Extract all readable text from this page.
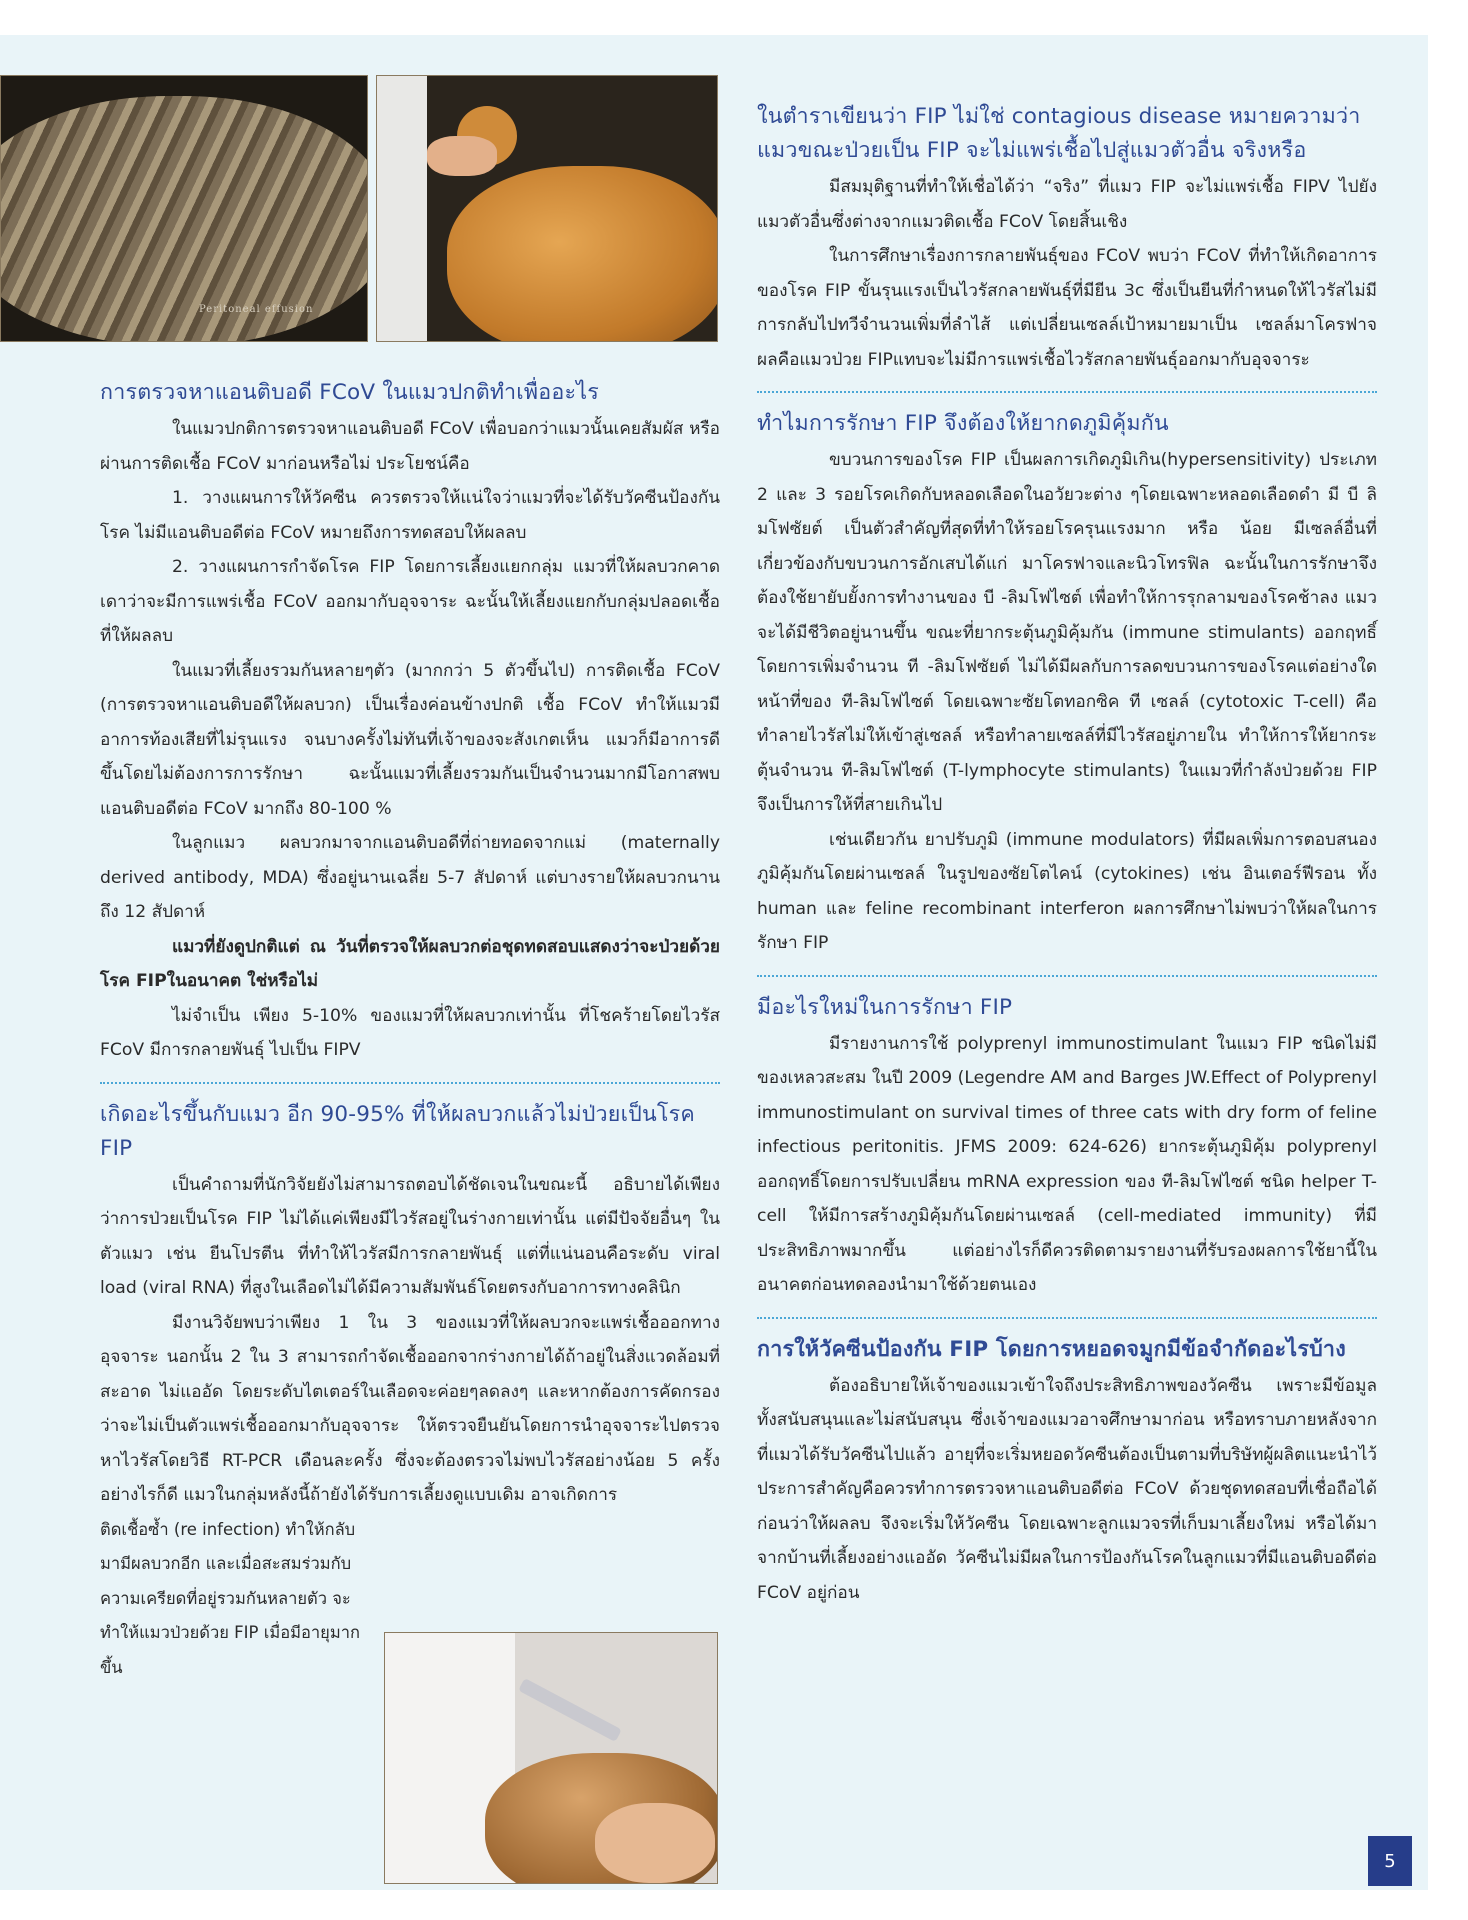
Peritoneal effusion
การตรวจหาแอนติบอดี FCoV ในแมวปกติทำเพื่ออะไร

ในแมวปกติการตรวจหาแอนติบอดี FCoV เพื่อบอกว่าแมวนั้นเคยสัมผัส หรือผ่านการติดเชื้อ FCoV มาก่อนหรือไม่ ประโยชน์คือ

1. วางแผนการให้วัคซีน ควรตรวจให้แน่ใจว่าแมวที่จะได้รับวัคซีนป้องกันโรค ไม่มีแอนติบอดีต่อ FCoV หมายถึงการทดสอบให้ผลลบ

2. วางแผนการกำจัดโรค FIP โดยการเลี้ยงแยกกลุ่ม แมวที่ให้ผลบวกคาดเดาว่าจะมีการแพร่เชื้อ FCoV ออกมากับอุจจาระ ฉะนั้นให้เลี้ยงแยกกับกลุ่มปลอดเชื้อที่ให้ผลลบ

ในแมวที่เลี้ยงรวมกันหลายๆตัว (มากกว่า 5 ตัวขึ้นไป) การติดเชื้อ FCoV (การตรวจหาแอนติบอดีให้ผลบวก) เป็นเรื่องค่อนข้างปกติ เชื้อ FCoV ทำให้แมวมีอาการท้องเสียที่ไม่รุนแรง จนบางครั้งไม่ทันที่เจ้าของจะสังเกตเห็น แมวก็มีอาการดีขึ้นโดยไม่ต้องการการรักษา ฉะนั้นแมวที่เลี้ยงรวมกันเป็นจำนวนมากมีโอกาสพบแอนติบอดีต่อ FCoV มากถึง 80-100 %

ในลูกแมว ผลบวกมาจากแอนติบอดีที่ถ่ายทอดจากแม่ (maternally derived antibody, MDA) ซึ่งอยู่นานเฉลี่ย 5-7 สัปดาห์ แต่บางรายให้ผลบวกนานถึง 12 สัปดาห์

แมวที่ยังดูปกติแต่ ณ วันที่ตรวจให้ผลบวกต่อชุดทดสอบแสดงว่าจะป่วยด้วยโรค FIPในอนาคต ใช่หรือไม่

ไม่จำเป็น เพียง 5-10% ของแมวที่ให้ผลบวกเท่านั้น ที่โชคร้ายโดยไวรัส FCoV มีการกลายพันธุ์ ไปเป็น FIPV

เกิดอะไรขึ้นกับแมว อีก 90-95% ที่ให้ผลบวกแล้วไม่ป่วยเป็นโรค FIP

เป็นคำถามที่นักวิจัยยังไม่สามารถตอบได้ชัดเจนในขณะนี้ อธิบายได้เพียงว่าการป่วยเป็นโรค FIP ไม่ได้แค่เพียงมีไวรัสอยู่ในร่างกายเท่านั้น แต่มีปัจจัยอื่นๆ ในตัวแมว เช่น ยีนโปรตีน ที่ทำให้ไวรัสมีการกลายพันธุ์ แต่ที่แน่นอนคือระดับ viral load (viral RNA) ที่สูงในเลือดไม่ได้มีความสัมพันธ์โดยตรงกับอาการทางคลินิก

มีงานวิจัยพบว่าเพียง 1 ใน 3 ของแมวที่ให้ผลบวกจะแพร่เชื้อออกทางอุจจาระ นอกนั้น 2 ใน 3 สามารถกำจัดเชื้อออกจากร่างกายได้ถ้าอยู่ในสิ่งแวดล้อมที่สะอาด ไม่แออัด โดยระดับไตเตอร์ในเลือดจะค่อยๆลดลงๆ และหากต้องการคัดกรองว่าจะไม่เป็นตัวแพร่เชื้อออกมากับอุจจาระ ให้ตรวจยืนยันโดยการนำอุจจาระไปตรวจหาไวรัสโดยวิธี RT-PCR เดือนละครั้ง ซึ่งจะต้องตรวจไม่พบไวรัสอย่างน้อย 5 ครั้ง อย่างไรก็ดี แมวในกลุ่มหลังนี้ถ้ายังได้รับการเลี้ยงดูแบบเดิม อาจเกิดการ

ติดเชื้อซ้ำ (re infection) ทำให้กลับมามีผลบวกอีก และเมื่อสะสมร่วมกับความเครียดที่อยู่รวมกันหลายตัว จะทำให้แมวป่วยด้วย FIP เมื่อมีอายุมากขึ้น

ในตำราเขียนว่า FIP ไม่ใช่ contagious disease หมายความว่าแมวขณะป่วยเป็น FIP จะไม่แพร่เชื้อไปสู่แมวตัวอื่น จริงหรือ

มีสมมุติฐานที่ทำให้เชื่อได้ว่า “จริง” ที่แมว FIP จะไม่แพร่เชื้อ FIPV ไปยังแมวตัวอื่นซึ่งต่างจากแมวติดเชื้อ FCoV โดยสิ้นเชิง

ในการศึกษาเรื่องการกลายพันธุ์ของ FCoV พบว่า FCoV ที่ทำให้เกิดอาการของโรค FIP ขั้นรุนแรงเป็นไวรัสกลายพันธุ์ที่มียีน 3c ซึ่งเป็นยีนที่กำหนดให้ไวรัสไม่มีการกลับไปทวีจำนวนเพิ่มที่ลำไส้ แต่เปลี่ยนเซลล์เป้าหมายมาเป็น เซลล์มาโครฟาจ ผลคือแมวป่วย FIPแทบจะไม่มีการแพร่เชื้อไวรัสกลายพันธุ์ออกมากับอุจจาระ

ทำไมการรักษา FIP จึงต้องให้ยากดภูมิคุ้มกัน

ขบวนการของโรค FIP เป็นผลการเกิดภูมิเกิน(hypersensitivity) ประเภท 2 และ 3 รอยโรคเกิดกับหลอดเลือดในอวัยวะต่าง ๆโดยเฉพาะหลอดเลือดดำ มี บี ลิมโฟซัยต์ เป็นตัวสำคัญที่สุดที่ทำให้รอยโรครุนแรงมาก หรือ น้อย มีเซลล์อื่นที่เกี่ยวข้องกับขบวนการอักเสบได้แก่ มาโครฟาจและนิวโทรฟิล ฉะนั้นในการรักษาจึงต้องใช้ยายับยั้งการทำงานของ บี -ลิมโฟไซต์ เพื่อทำให้การรุกลามของโรคช้าลง แมวจะได้มีชีวิตอยู่นานขึ้น ขณะที่ยากระตุ้นภูมิคุ้มกัน (immune stimulants) ออกฤทธิ์โดยการเพิ่มจำนวน ที -ลิมโฟซัยต์ ไม่ได้มีผลกับการลดขบวนการของโรคแต่อย่างใด หน้าที่ของ ที-ลิมโฟไซต์ โดยเฉพาะซัยโตทอกซิค ที เซลล์ (cytotoxic T-cell) คือ ทำลายไวรัสไม่ให้เข้าสู่เซลล์ หรือทำลายเซลล์ที่มีไวรัสอยู่ภายใน ทำให้การให้ยากระตุ้นจำนวน ที-ลิมโฟไซต์ (T-lymphocyte stimulants) ในแมวที่กำลังป่วยด้วย FIP จึงเป็นการให้ที่สายเกินไป

เช่นเดียวกัน ยาปรับภูมิ (immune modulators) ที่มีผลเพิ่มการตอบสนองภูมิคุ้มกันโดยผ่านเซลล์ ในรูปของซัยโตไคน์ (cytokines) เช่น อินเตอร์ฟีรอน ทั้ง human และ feline recombinant interferon ผลการศึกษาไม่พบว่าให้ผลในการรักษา FIP

มีอะไรใหม่ในการรักษา FIP

มีรายงานการใช้ polyprenyl immunostimulant ในแมว FIP ชนิดไม่มีของเหลวสะสม ในปี 2009 (Legendre AM and Barges JW.Effect of Polyprenyl immunostimulant on survival times of three cats with dry form of feline infectious peritonitis. JFMS 2009: 624-626) ยากระตุ้นภูมิคุ้ม polyprenyl ออกฤทธิ์โดยการปรับเปลี่ยน mRNA expression ของ ที-ลิมโฟไซต์ ชนิด helper T-cell ให้มีการสร้างภูมิคุ้มกันโดยผ่านเซลล์ (cell-mediated immunity) ที่มีประสิทธิภาพมากขึ้น แต่อย่างไรก็ดีควรติดตามรายงานที่รับรองผลการใช้ยานี้ในอนาคตก่อนทดลองนำมาใช้ด้วยตนเอง

การให้วัคซีนป้องกัน FIP โดยการหยอดจมูกมีข้อจำกัดอะไรบ้าง

ต้องอธิบายให้เจ้าของแมวเข้าใจถึงประสิทธิภาพของวัคซีน เพราะมีข้อมูลทั้งสนับสนุนและไม่สนับสนุน ซึ่งเจ้าของแมวอาจศึกษามาก่อน หรือทราบภายหลังจากที่แมวได้รับวัคซีนไปแล้ว อายุที่จะเริ่มหยอดวัคซีนต้องเป็นตามที่บริษัทผู้ผลิตแนะนำไว้ ประการสำคัญคือควรทำการตรวจหาแอนติบอดีต่อ FCoV ด้วยชุดทดสอบที่เชื่อถือได้ก่อนว่าให้ผลลบ จึงจะเริ่มให้วัคซีน โดยเฉพาะลูกแมวจรที่เก็บมาเลี้ยงใหม่ หรือได้มาจากบ้านที่เลี้ยงอย่างแออัด วัคซีนไม่มีผลในการป้องกันโรคในลูกแมวที่มีแอนติบอดีต่อ FCoV อยู่ก่อน

5
